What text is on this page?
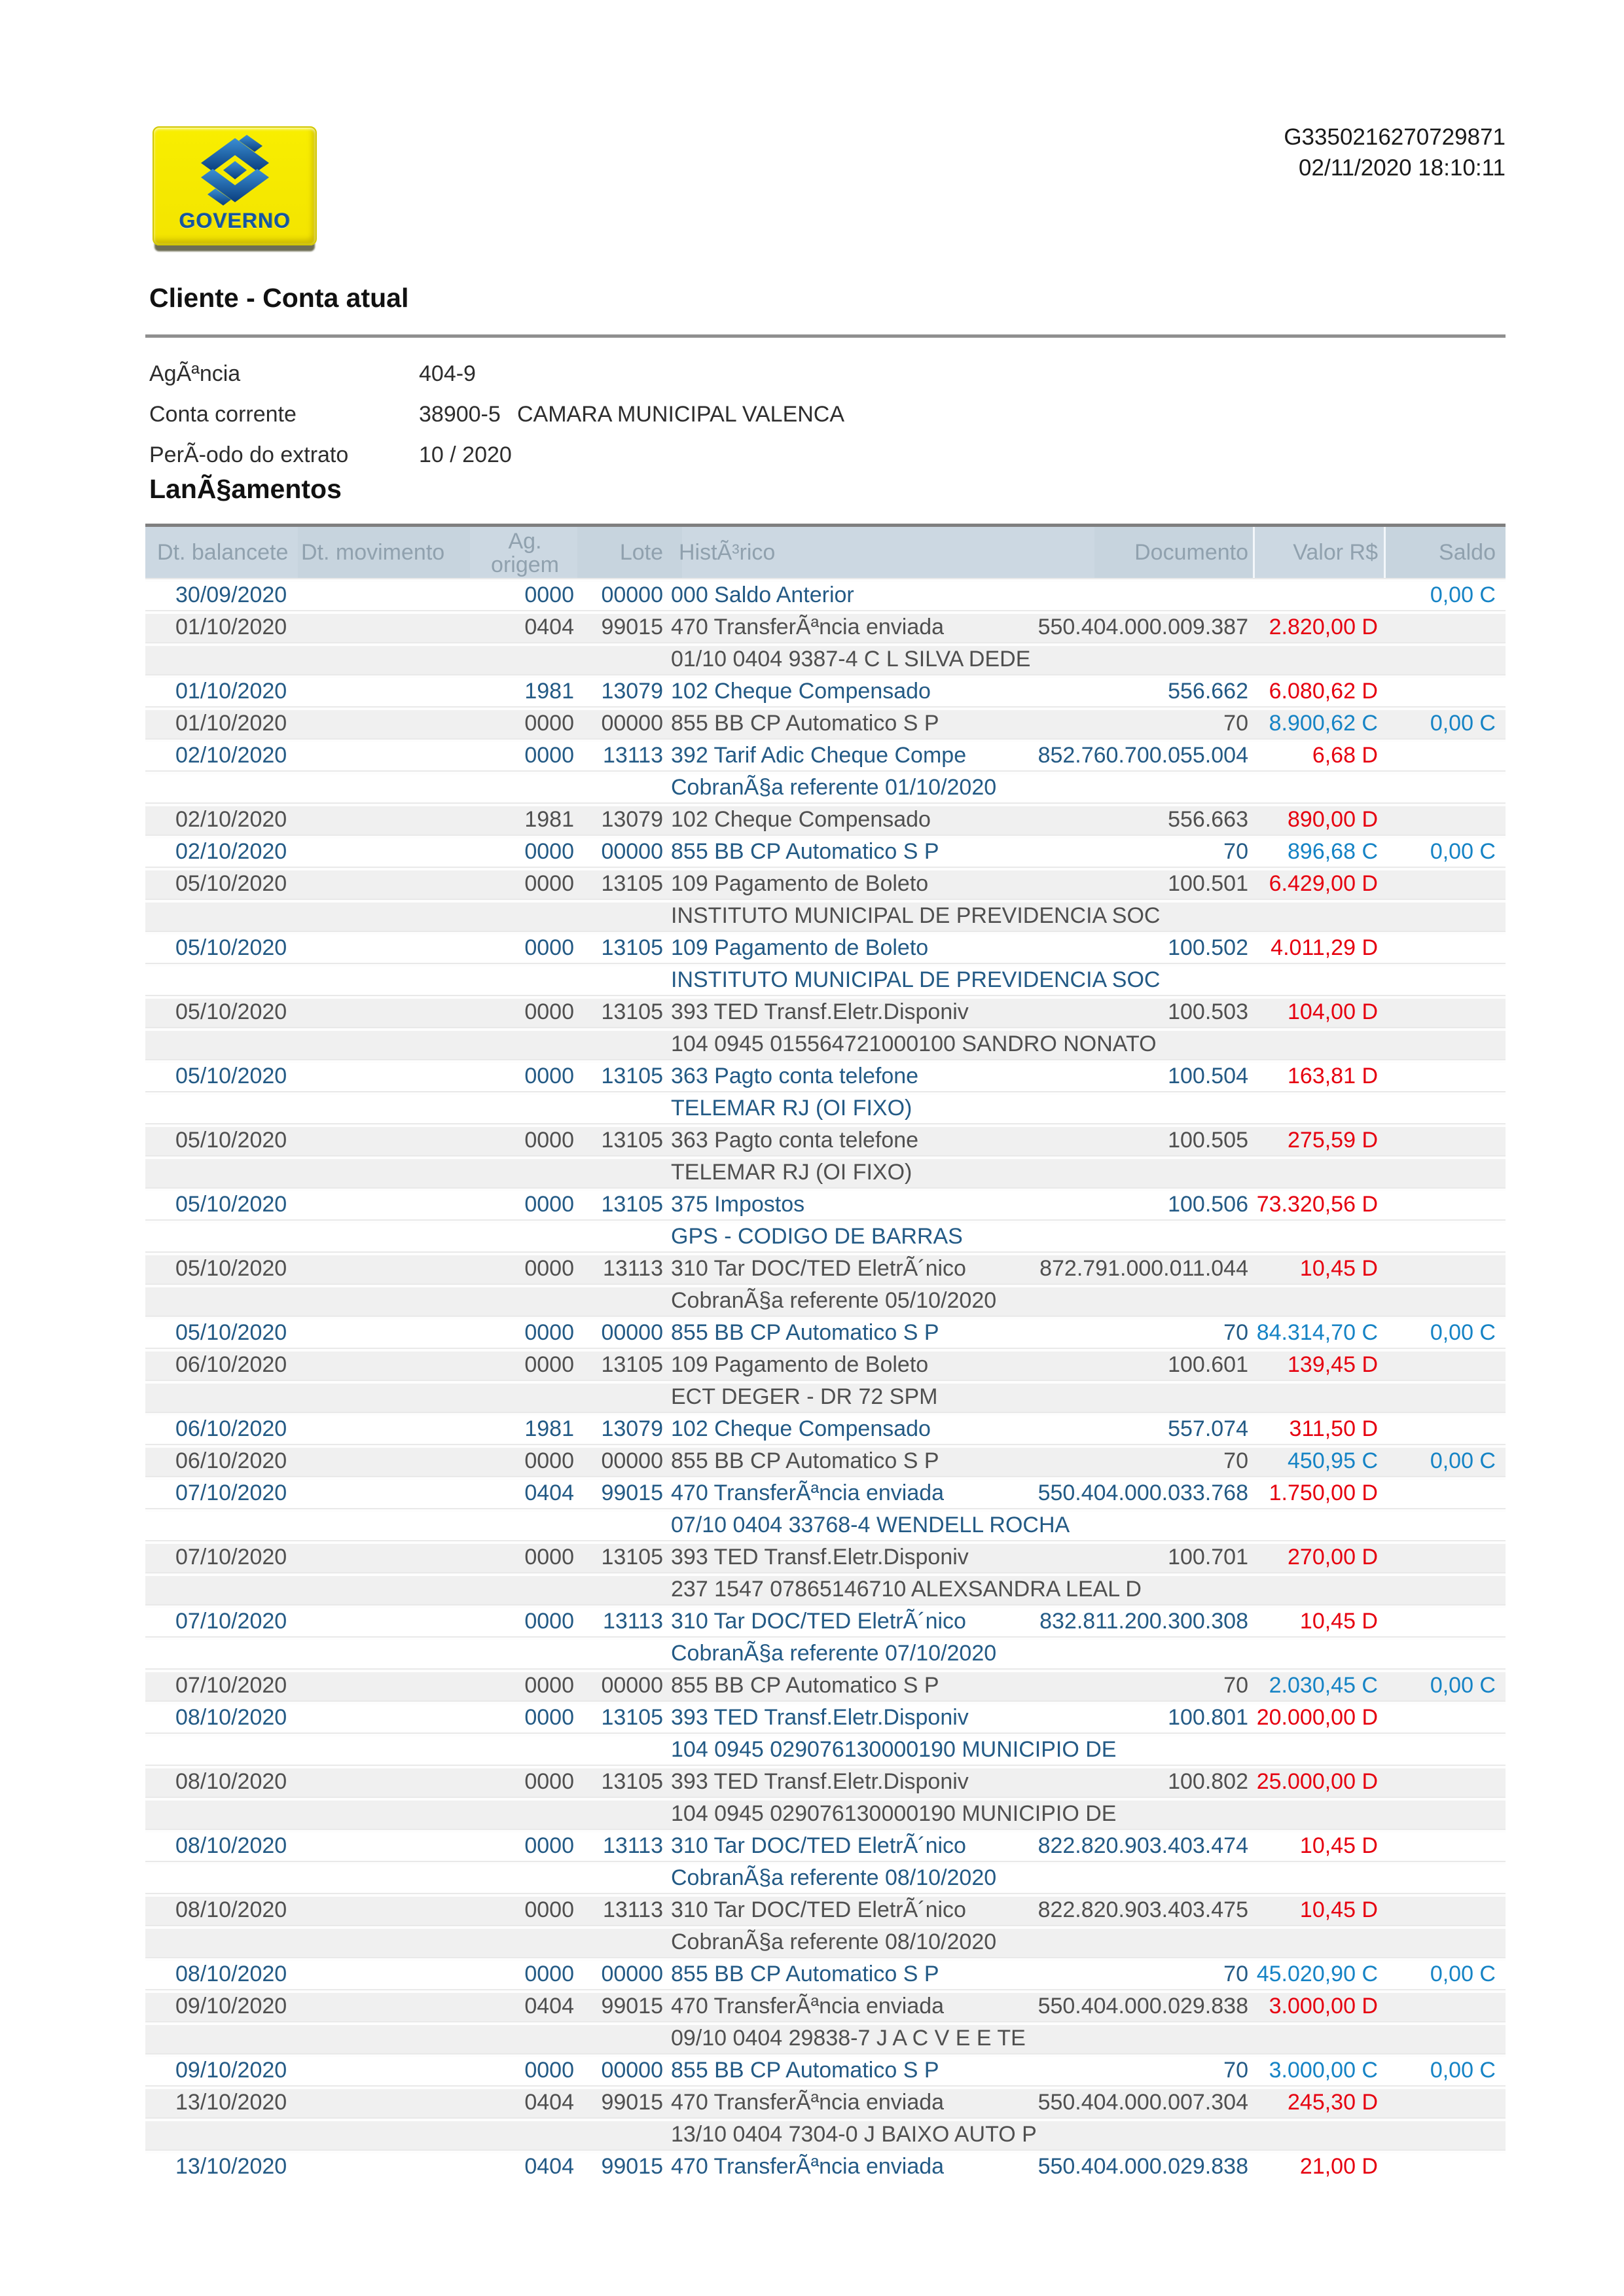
GOVERNO
G3350216270729871
02/11/2020 18:10:11
Cliente - Conta atual
AgÃªncia	404-9
Conta corrente	38900-5 CAMARA MUNICIPAL VALENCA
PerÃ-odo do extrato	10 / 2020
LanÃ§amentos
Dt. balancete Dt. movimento	Ag.
origem	Lote HistÃ³rico	Documento	Valor R$	Saldo
30/09/2020	0000	00000 000 Saldo Anterior	0,00 C
01/10/2020	0404	99015 470 TransferÃªncia enviada	550.404.000.009.387 2.820,00 D
01/10 0404 9387-4 C L SILVA DEDE
01/10/2020	1981	13079 102 Cheque Compensado	556.662 6.080,62 D
01/10/2020	0000	00000 855 BB CP Automatico S P	70 8.900,62 C	0,00 C
02/10/2020	0000	13113 392 Tarif Adic Cheque Compe	852.760.700.055.004	6,68 D
CobranÃ§a referente 01/10/2020
02/10/2020	1981	13079 102 Cheque Compensado	556.663	890,00 D
02/10/2020	0000	00000 855 BB CP Automatico S P	70	896,68 C	0,00 C
05/10/2020	0000	13105 109 Pagamento de Boleto	100.501 6.429,00 D
INSTITUTO MUNICIPAL DE PREVIDENCIA SOC
05/10/2020	0000	13105 109 Pagamento de Boleto	100.502	4.011,29 D
INSTITUTO MUNICIPAL DE PREVIDENCIA SOC
05/10/2020	0000	13105 393 TED Transf.Eletr.Disponiv	100.503	104,00 D
104 0945 015564721000100 SANDRO NONATO
05/10/2020	0000	13105 363 Pagto conta telefone	100.504	163,81 D
TELEMAR RJ (OI FIXO)
05/10/2020	0000	13105 363 Pagto conta telefone	100.505	275,59 D
TELEMAR RJ (OI FIXO)
05/10/2020	0000	13105 375 Impostos	100.506 73.320,56 D
GPS - CODIGO DE BARRAS
05/10/2020	0000	13113 310 Tar DOC/TED EletrÃ´nico	872.791.000.011.044	10,45 D
CobranÃ§a referente 05/10/2020
05/10/2020	0000	00000 855 BB CP Automatico S P	70 84.314,70 C	0,00 C
06/10/2020	0000	13105 109 Pagamento de Boleto	100.601	139,45 D
ECT DEGER - DR 72 SPM
06/10/2020	1981	13079 102 Cheque Compensado	557.074	311,50 D
06/10/2020	0000	00000 855 BB CP Automatico S P	70	450,95 C	0,00 C
07/10/2020	0404	99015 470 TransferÃªncia enviada	550.404.000.033.768 1.750,00 D
07/10 0404 33768-4 WENDELL ROCHA
07/10/2020	0000	13105 393 TED Transf.Eletr.Disponiv	100.701	270,00 D
237 1547 07865146710 ALEXSANDRA LEAL D
07/10/2020	0000	13113 310 Tar DOC/TED EletrÃ´nico	832.811.200.300.308	10,45 D
CobranÃ§a referente 07/10/2020
07/10/2020	0000	00000 855 BB CP Automatico S P	70 2.030,45 C	0,00 C
08/10/2020	0000	13105 393 TED Transf.Eletr.Disponiv	100.801 20.000,00 D
104 0945 029076130000190 MUNICIPIO DE
08/10/2020	0000	13105 393 TED Transf.Eletr.Disponiv	100.802 25.000,00 D
104 0945 029076130000190 MUNICIPIO DE
08/10/2020	0000	13113 310 Tar DOC/TED EletrÃ´nico	822.820.903.403.474	10,45 D
CobranÃ§a referente 08/10/2020
08/10/2020	0000	13113 310 Tar DOC/TED EletrÃ´nico	822.820.903.403.475	10,45 D
CobranÃ§a referente 08/10/2020
08/10/2020	0000	00000 855 BB CP Automatico S P	70 45.020,90 C	0,00 C
09/10/2020	0404	99015 470 TransferÃªncia enviada	550.404.000.029.838 3.000,00 D
09/10 0404 29838-7 J A C V E E TE
09/10/2020	0000	00000 855 BB CP Automatico S P	70 3.000,00 C	0,00 C
13/10/2020	0404	99015 470 TransferÃªncia enviada	550.404.000.007.304	245,30 D
13/10 0404 7304-0 J BAIXO AUTO P
13/10/2020	0404	99015 470 TransferÃªncia enviada	550.404.000.029.838	21,00 D
